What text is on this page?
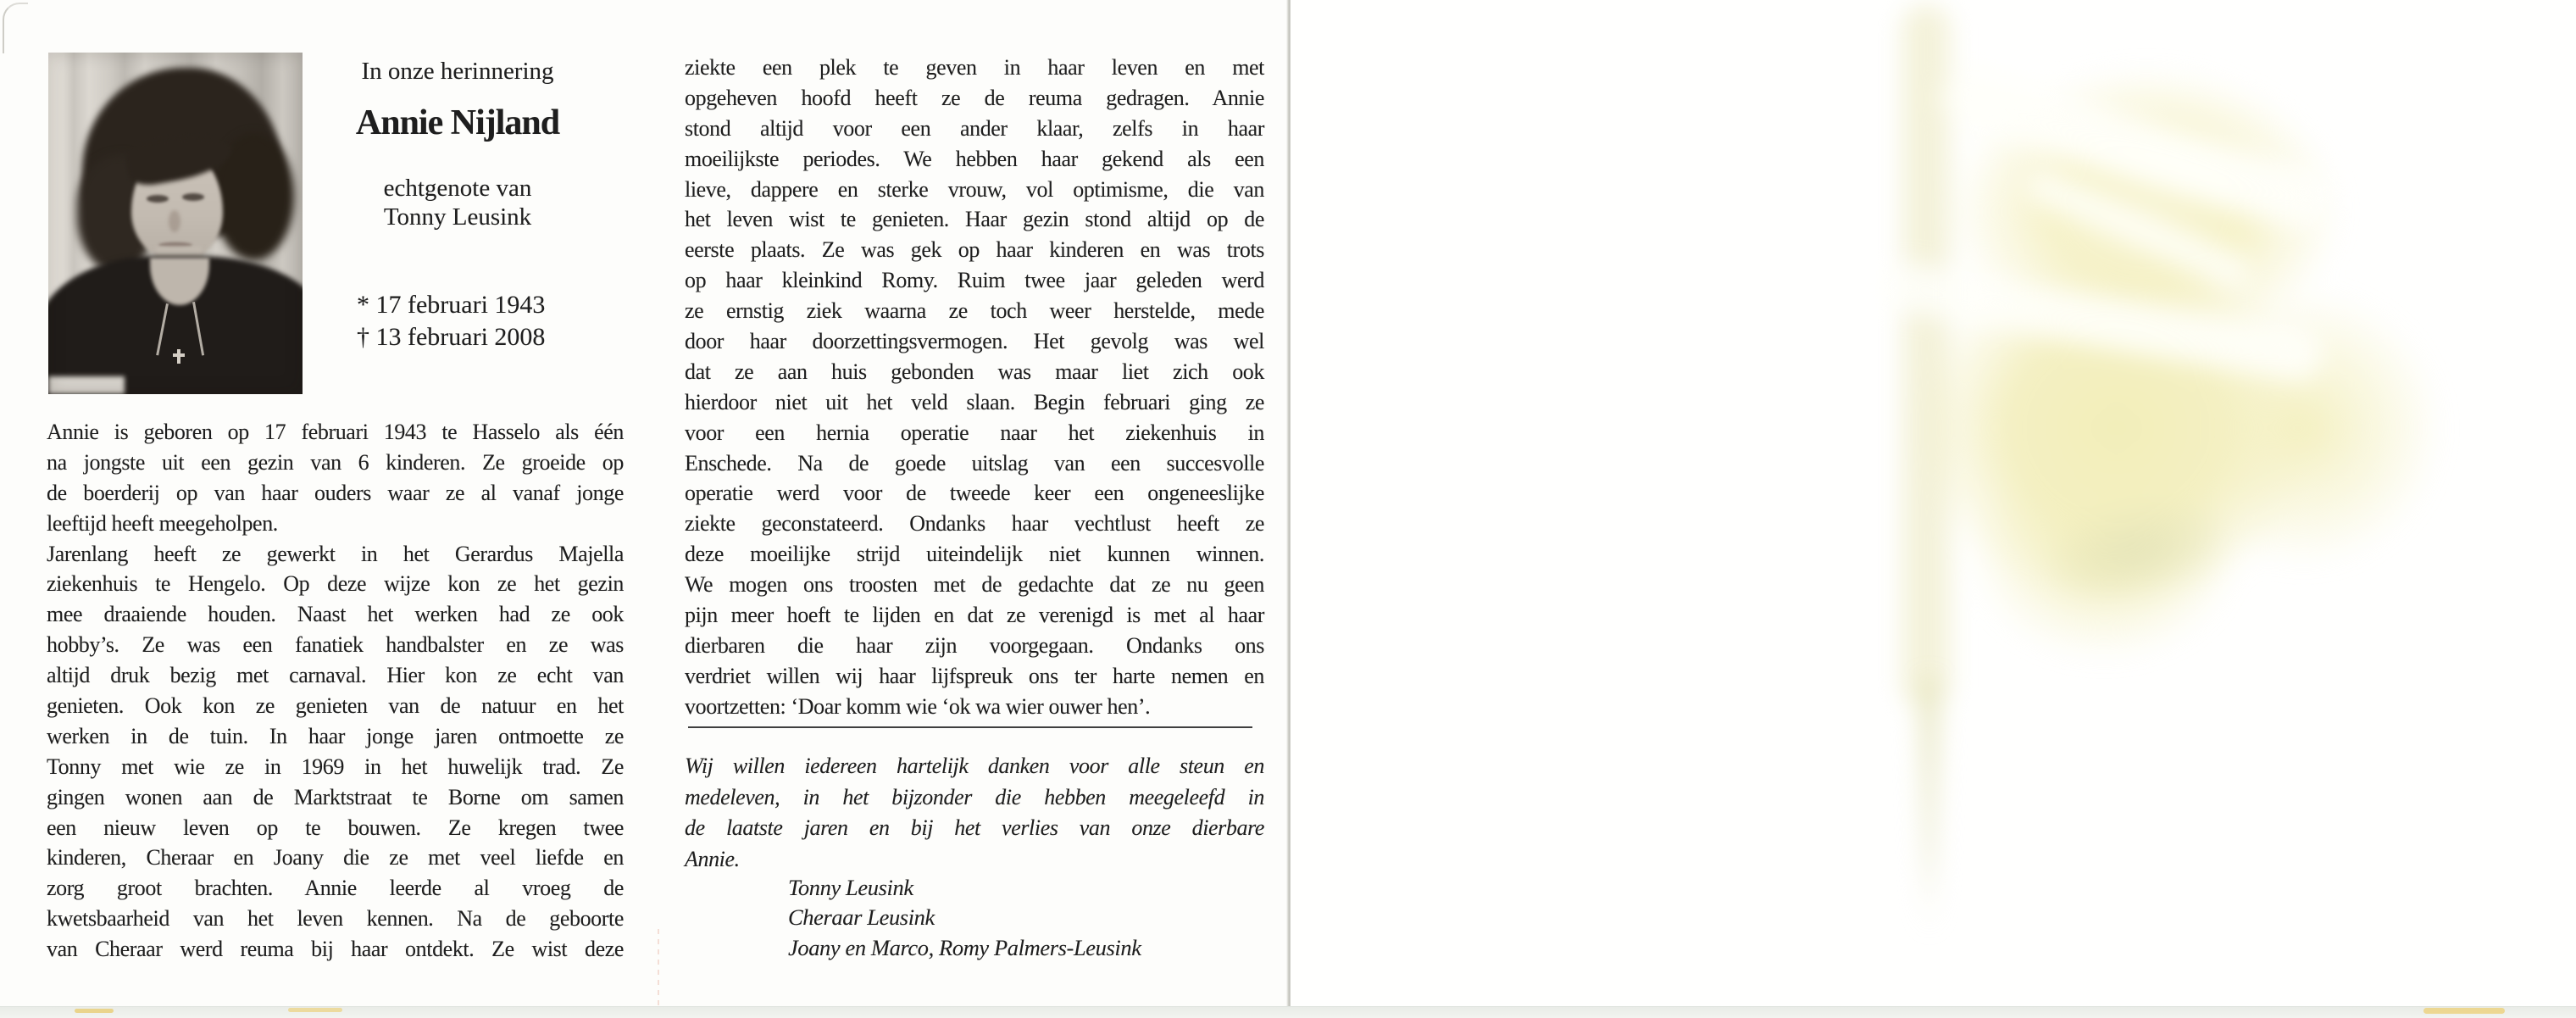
In onze herinnering
Annie Nijland
echtgenote van
Tonny Leusink
* 17 februari 1943
† 13 februari 2008
Annie is geboren op 17 februari 1943 te Hasselo als één
na jongste uit een gezin van 6 kinderen. Ze groeide op
de boerderij op van haar ouders waar ze al vanaf jonge
leeftijd heeft meegeholpen.
Jarenlang heeft ze gewerkt in het Gerardus Majella
ziekenhuis te Hengelo. Op deze wijze kon ze het gezin
mee draaiende houden. Naast het werken had ze ook
hobby’s. Ze was een fanatiek handbalster en ze was
altijd druk bezig met carnaval. Hier kon ze echt van
genieten. Ook kon ze genieten van de natuur en het
werken in de tuin. In haar jonge jaren ontmoette ze
Tonny met wie ze in 1969 in het huwelijk trad. Ze
gingen wonen aan de Marktstraat te Borne om samen
een nieuw leven op te bouwen. Ze kregen twee
kinderen, Cheraar en Joany die ze met veel liefde en
zorg groot brachten. Annie leerde al vroeg de
kwetsbaarheid van het leven kennen. Na de geboorte
van Cheraar werd reuma bij haar ontdekt. Ze wist deze
ziekte een plek te geven in haar leven en met
opgeheven hoofd heeft ze de reuma gedragen. Annie
stond altijd voor een ander klaar, zelfs in haar
moeilijkste periodes. We hebben haar gekend als een
lieve, dappere en sterke vrouw, vol optimisme, die van
het leven wist te genieten. Haar gezin stond altijd op de
eerste plaats. Ze was gek op haar kinderen en was trots
op haar kleinkind Romy. Ruim twee jaar geleden werd
ze ernstig ziek waarna ze toch weer herstelde, mede
door haar doorzettingsvermogen. Het gevolg was wel
dat ze aan huis gebonden was maar liet zich ook
hierdoor niet uit het veld slaan. Begin februari ging ze
voor een hernia operatie naar het ziekenhuis in
Enschede. Na de goede uitslag van een succesvolle
operatie werd voor de tweede keer een ongeneeslijke
ziekte geconstateerd. Ondanks haar vechtlust heeft ze
deze moeilijke strijd uiteindelijk niet kunnen winnen.
We mogen ons troosten met de gedachte dat ze nu geen
pijn meer hoeft te lijden en dat ze verenigd is met al haar
dierbaren die haar zijn voorgegaan. Ondanks ons
verdriet willen wij haar lijfspreuk ons ter harte nemen en
voortzetten: ‘Doar komm wie ‘ok wa wier ouwer hen’.
Wij willen iedereen hartelijk danken voor alle steun en
medeleven, in het bijzonder die hebben meegeleefd in
de laatste jaren en bij het verlies van onze dierbare
Annie.
Tonny Leusink
Cheraar Leusink
Joany en Marco, Romy Palmers-Leusink
